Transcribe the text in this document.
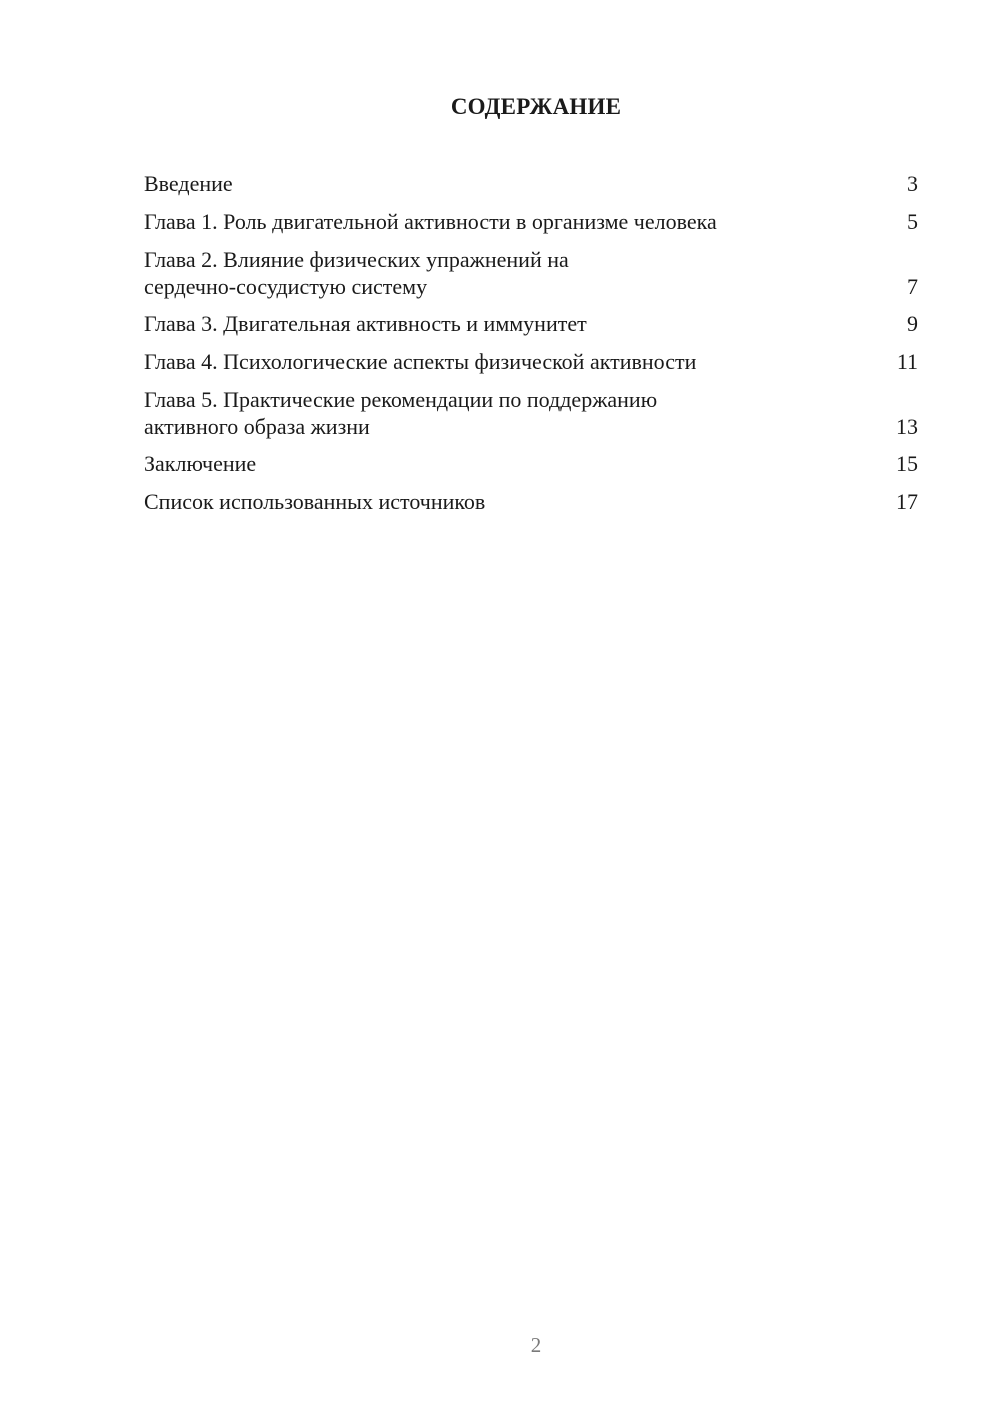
СОДЕРЖАНИЕ
Введение	3
Глава 1. Роль двигательной активности в организме человека	5
Глава 2. Влияние физических упражнений на
сердечно-сосудистую систему	7
Глава 3. Двигательная активность и иммунитет	9
Глава 4. Психологические аспекты физической активности	11
Глава 5. Практические рекомендации по поддержанию
активного образа жизни	13
Заключение	15
Список использованных источников	17
2
